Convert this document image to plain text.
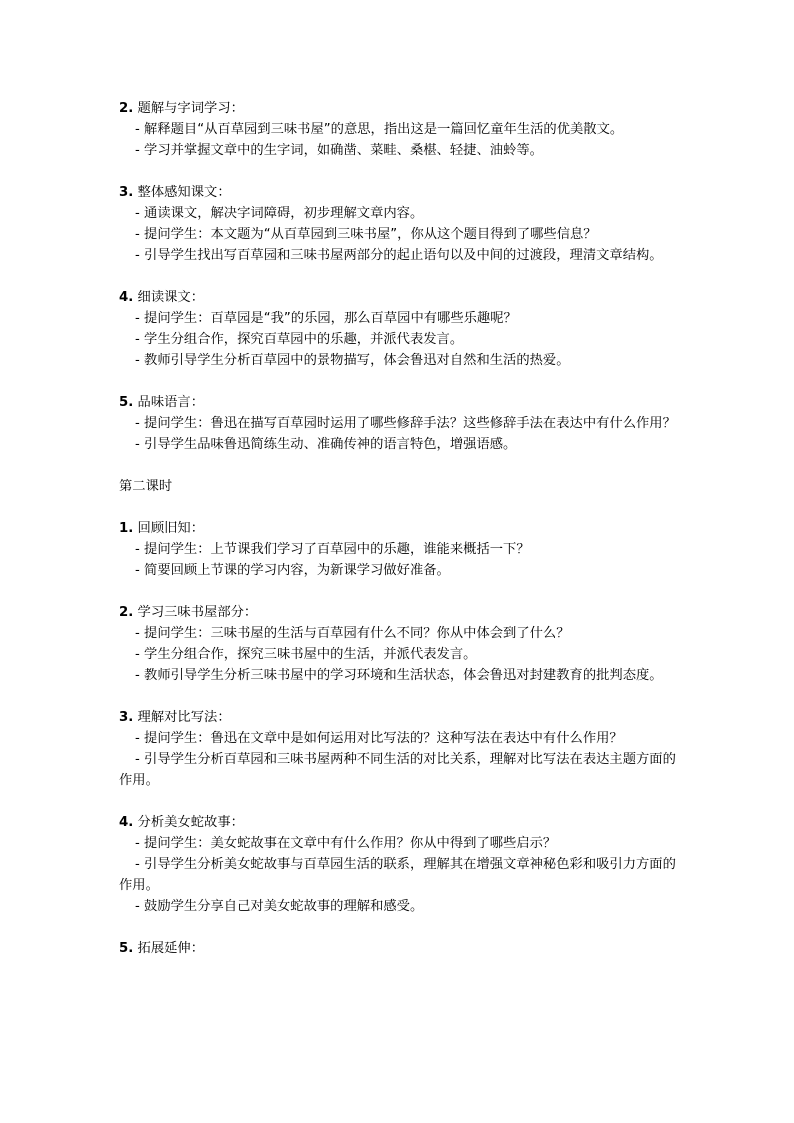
2. 题解与字词学习：
- 解释题目“从百草园到三味书屋”的意思，指出这是一篇回忆童年生活的优美散文。
- 学习并掌握文章中的生字词，如确凿、菜畦、桑椹、轻捷、油蛉等。
3. 整体感知课文：
- 通读课文，解决字词障碍，初步理解文章内容。
- 提问学生：本文题为“从百草园到三味书屋”，你从这个题目得到了哪些信息？
- 引导学生找出写百草园和三味书屋两部分的起止语句以及中间的过渡段，理清文章结构。
4. 细读课文：
- 提问学生：百草园是“我”的乐园，那么百草园中有哪些乐趣呢？
- 学生分组合作，探究百草园中的乐趣，并派代表发言。
- 教师引导学生分析百草园中的景物描写，体会鲁迅对自然和生活的热爱。
5. 品味语言：
- 提问学生：鲁迅在描写百草园时运用了哪些修辞手法？这些修辞手法在表达中有什么作用？
- 引导学生品味鲁迅简练生动、准确传神的语言特色，增强语感。
第二课时
1. 回顾旧知：
- 提问学生：上节课我们学习了百草园中的乐趣，谁能来概括一下？
- 简要回顾上节课的学习内容，为新课学习做好准备。
2. 学习三味书屋部分：
- 提问学生：三味书屋的生活与百草园有什么不同？你从中体会到了什么？
- 学生分组合作，探究三味书屋中的生活，并派代表发言。
- 教师引导学生分析三味书屋中的学习环境和生活状态，体会鲁迅对封建教育的批判态度。
3. 理解对比写法：
- 提问学生：鲁迅在文章中是如何运用对比写法的？这种写法在表达中有什么作用？
- 引导学生分析百草园和三味书屋两种不同生活的对比关系，理解对比写法在表达主题方面的作用。
4. 分析美女蛇故事：
- 提问学生：美女蛇故事在文章中有什么作用？你从中得到了哪些启示？
- 引导学生分析美女蛇故事与百草园生活的联系，理解其在增强文章神秘色彩和吸引力方面的作用。
- 鼓励学生分享自己对美女蛇故事的理解和感受。
5. 拓展延伸：
